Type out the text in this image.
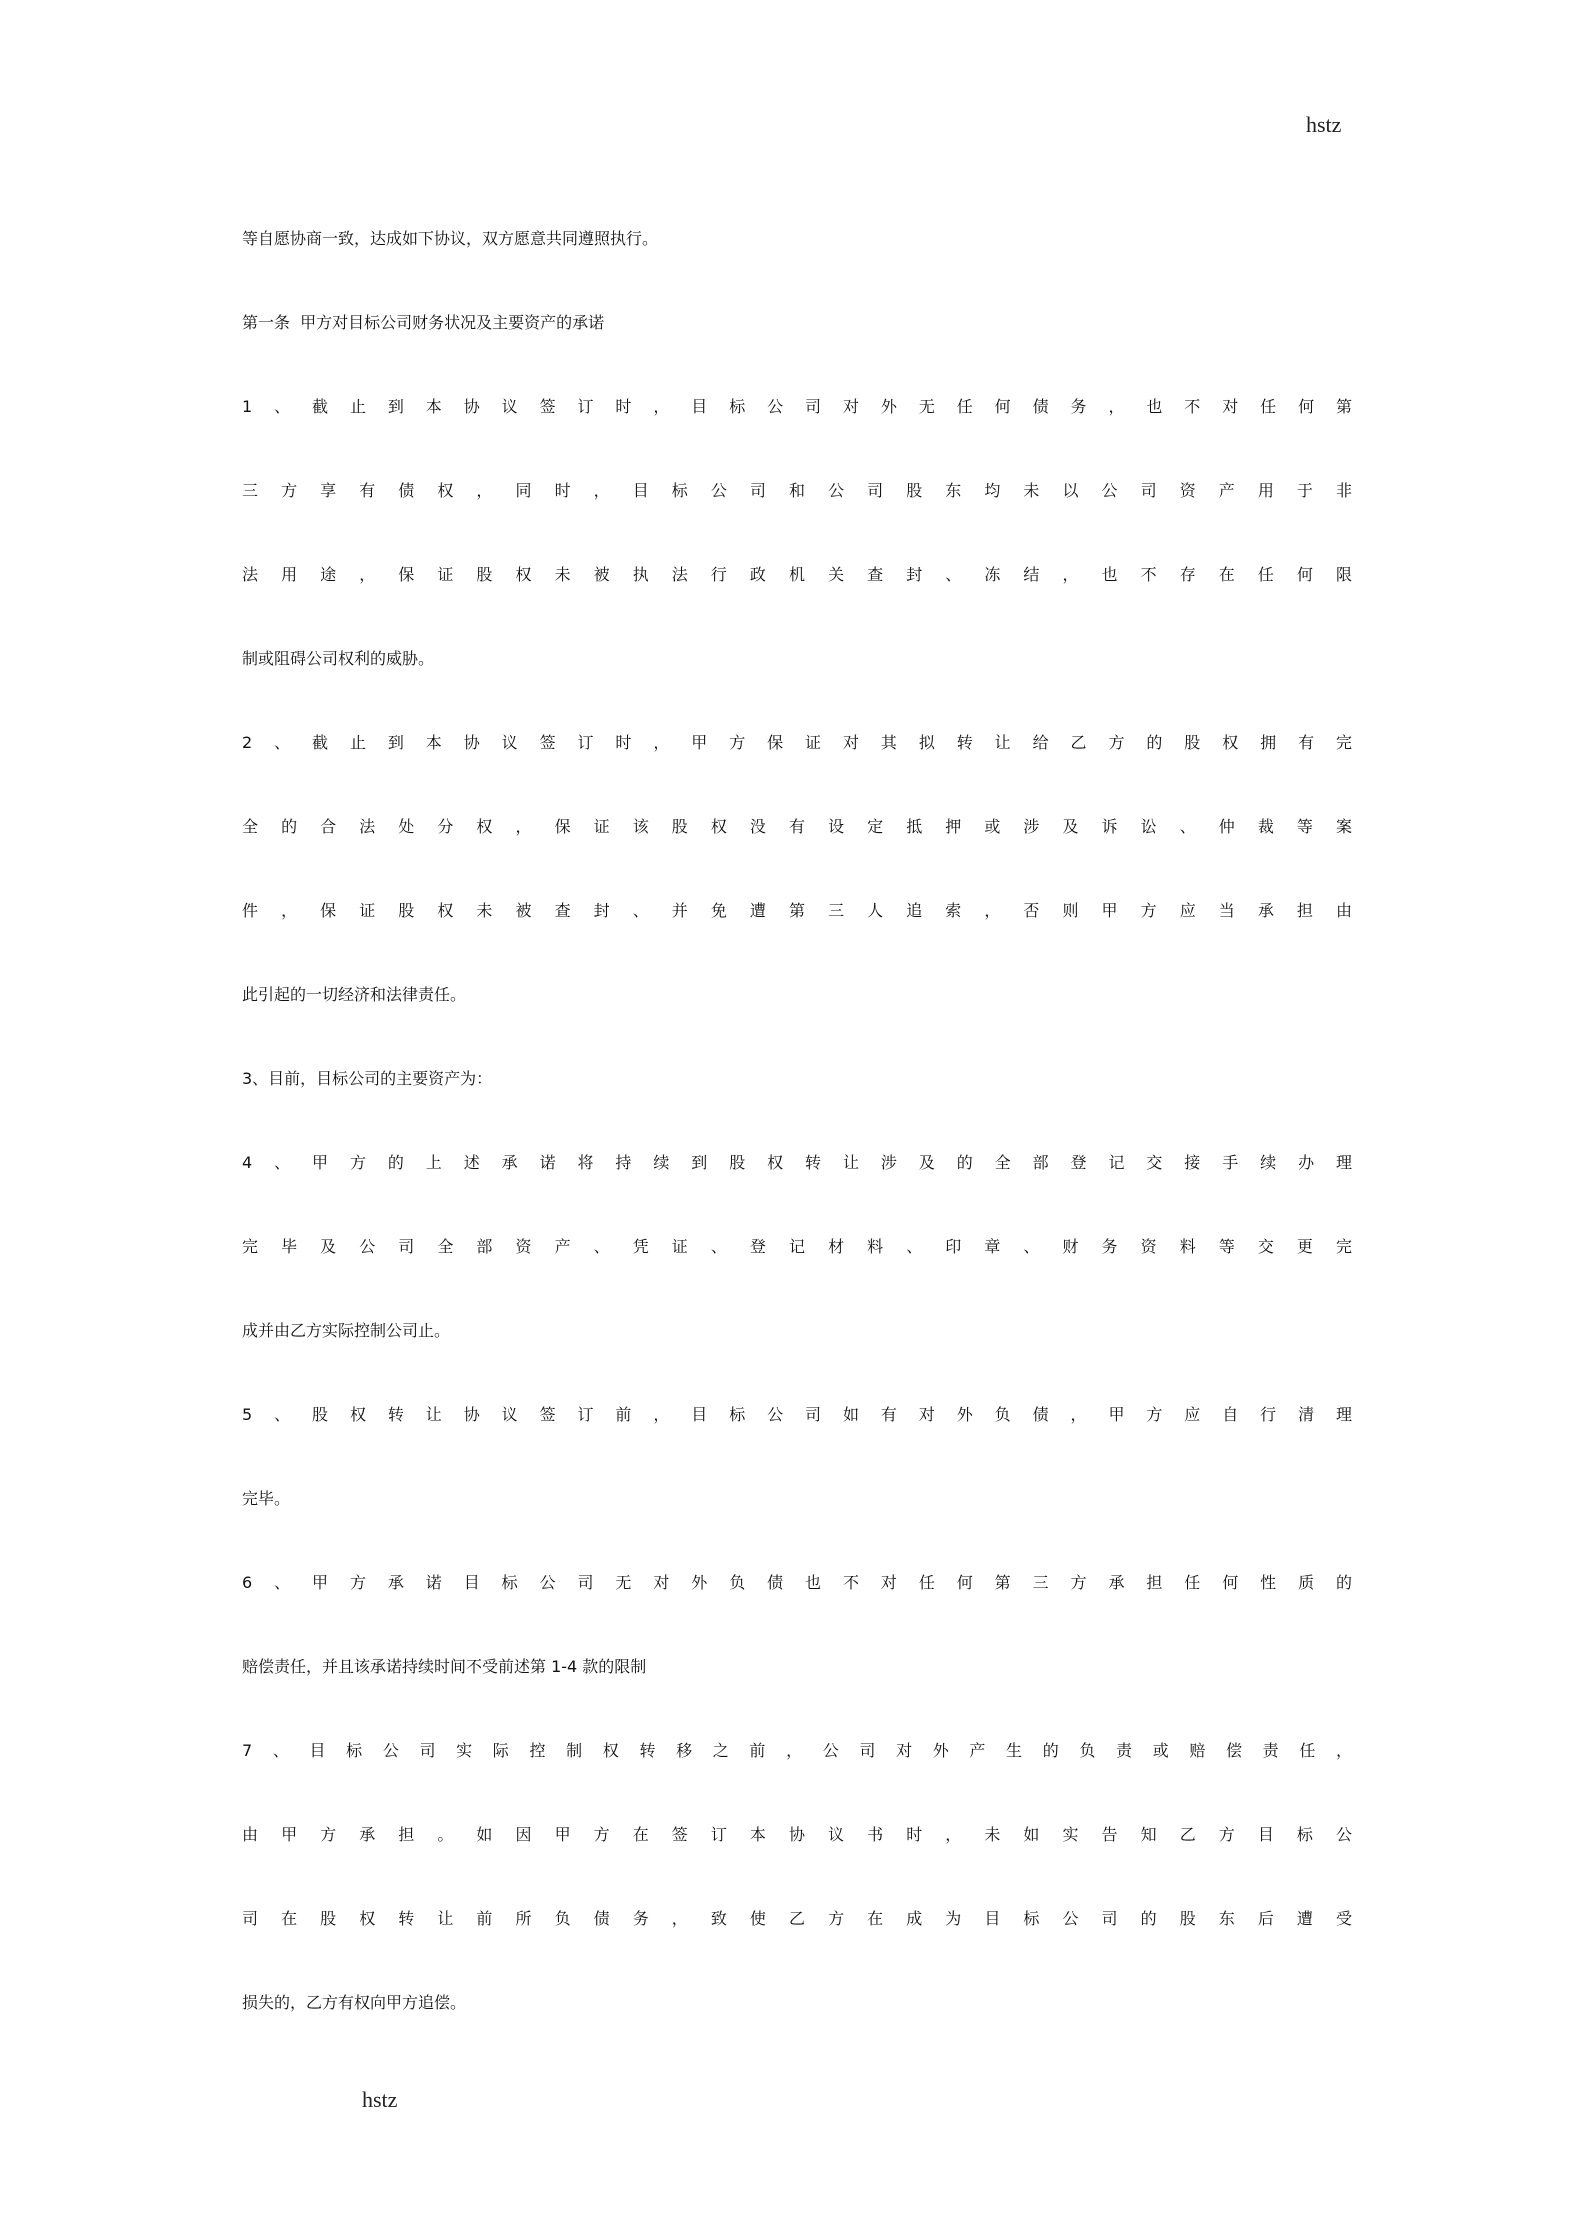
hstz
等自愿协商一致，达成如下协议，双方愿意共同遵照执行。
第一条  甲方对目标公司财务状况及主要资产的承诺
1、截止到本协议签订时，目标公司对外无任何债务，也不对任何第
三方享有债权，同时，目标公司和公司股东均未以公司资产用于非
法用途，保证股权未被执法行政机关查封、冻结，也不存在任何限
制或阻碍公司权利的威胁。
2、截止到本协议签订时，甲方保证对其拟转让给乙方的股权拥有完
全的合法处分权，保证该股权没有设定抵押或涉及诉讼、仲裁等案
件，保证股权未被查封、并免遭第三人追索，否则甲方应当承担由
此引起的一切经济和法律责任。
3、目前，目标公司的主要资产为：
4、甲方的上述承诺将持续到股权转让涉及的全部登记交接手续办理
完毕及公司全部资产、凭证、登记材料、印章、财务资料等交更完
成并由乙方实际控制公司止。
5、股权转让协议签订前，目标公司如有对外负债，甲方应自行清理
完毕。
6、甲方承诺目标公司无对外负债也不对任何第三方承担任何性质的
赔偿责任，并且该承诺持续时间不受前述第 1-4 款的限制
7、目标公司实际控制权转移之前，公司对外产生的负责或赔偿责任，
由甲方承担。如因甲方在签订本协议书时，未如实告知乙方目标公
司在股权转让前所负债务，致使乙方在成为目标公司的股东后遭受
损失的，乙方有权向甲方追偿。
hstz
